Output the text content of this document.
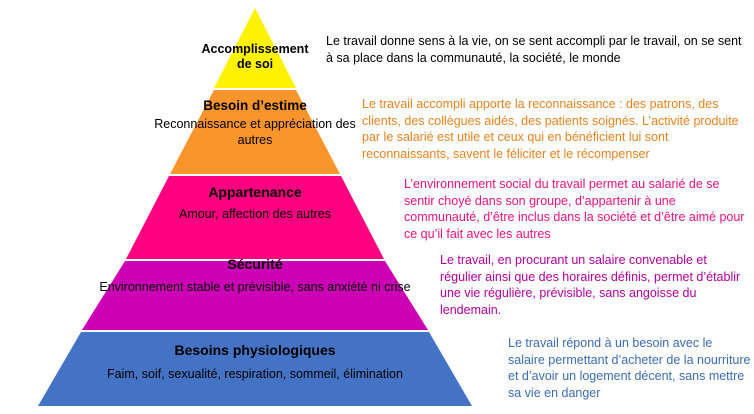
Accomplissement
de soi
Besoin d’estime
Reconnaissance et appréciation des autres
Appartenance
Amour, affection des autres
Sécurité
Environnement stable et prévisible, sans anxiété ni crise
Besoins physiologiques
Faim, soif, sexualité, respiration, sommeil, élimination
Le travail donne sens à la vie, on se sent accompli par le travail, on se sent à sa place dans la communauté, la société, le monde
Le travail accompli apporte la reconnaissance : des patrons, des clients, des collègues aidés, des patients soignés. L’activité produite par le salarié est utile et ceux qui en bénéficient lui sont reconnaissants, savent le féliciter et le récompenser
L’environnement social du travail permet au salarié de se sentir choyé dans son groupe, d’appartenir à une communauté, d’être inclus dans la société et d’être aimé pour ce qu’il fait avec les autres
Le travail, en procurant un salaire convenable et régulier ainsi que des horaires définis, permet d’établir une vie régulière, prévisible, sans angoisse du lendemain.
Le travail répond à un besoin avec le salaire permettant d’acheter de la nourriture et d’avoir un logement décent, sans mettre sa vie en danger
